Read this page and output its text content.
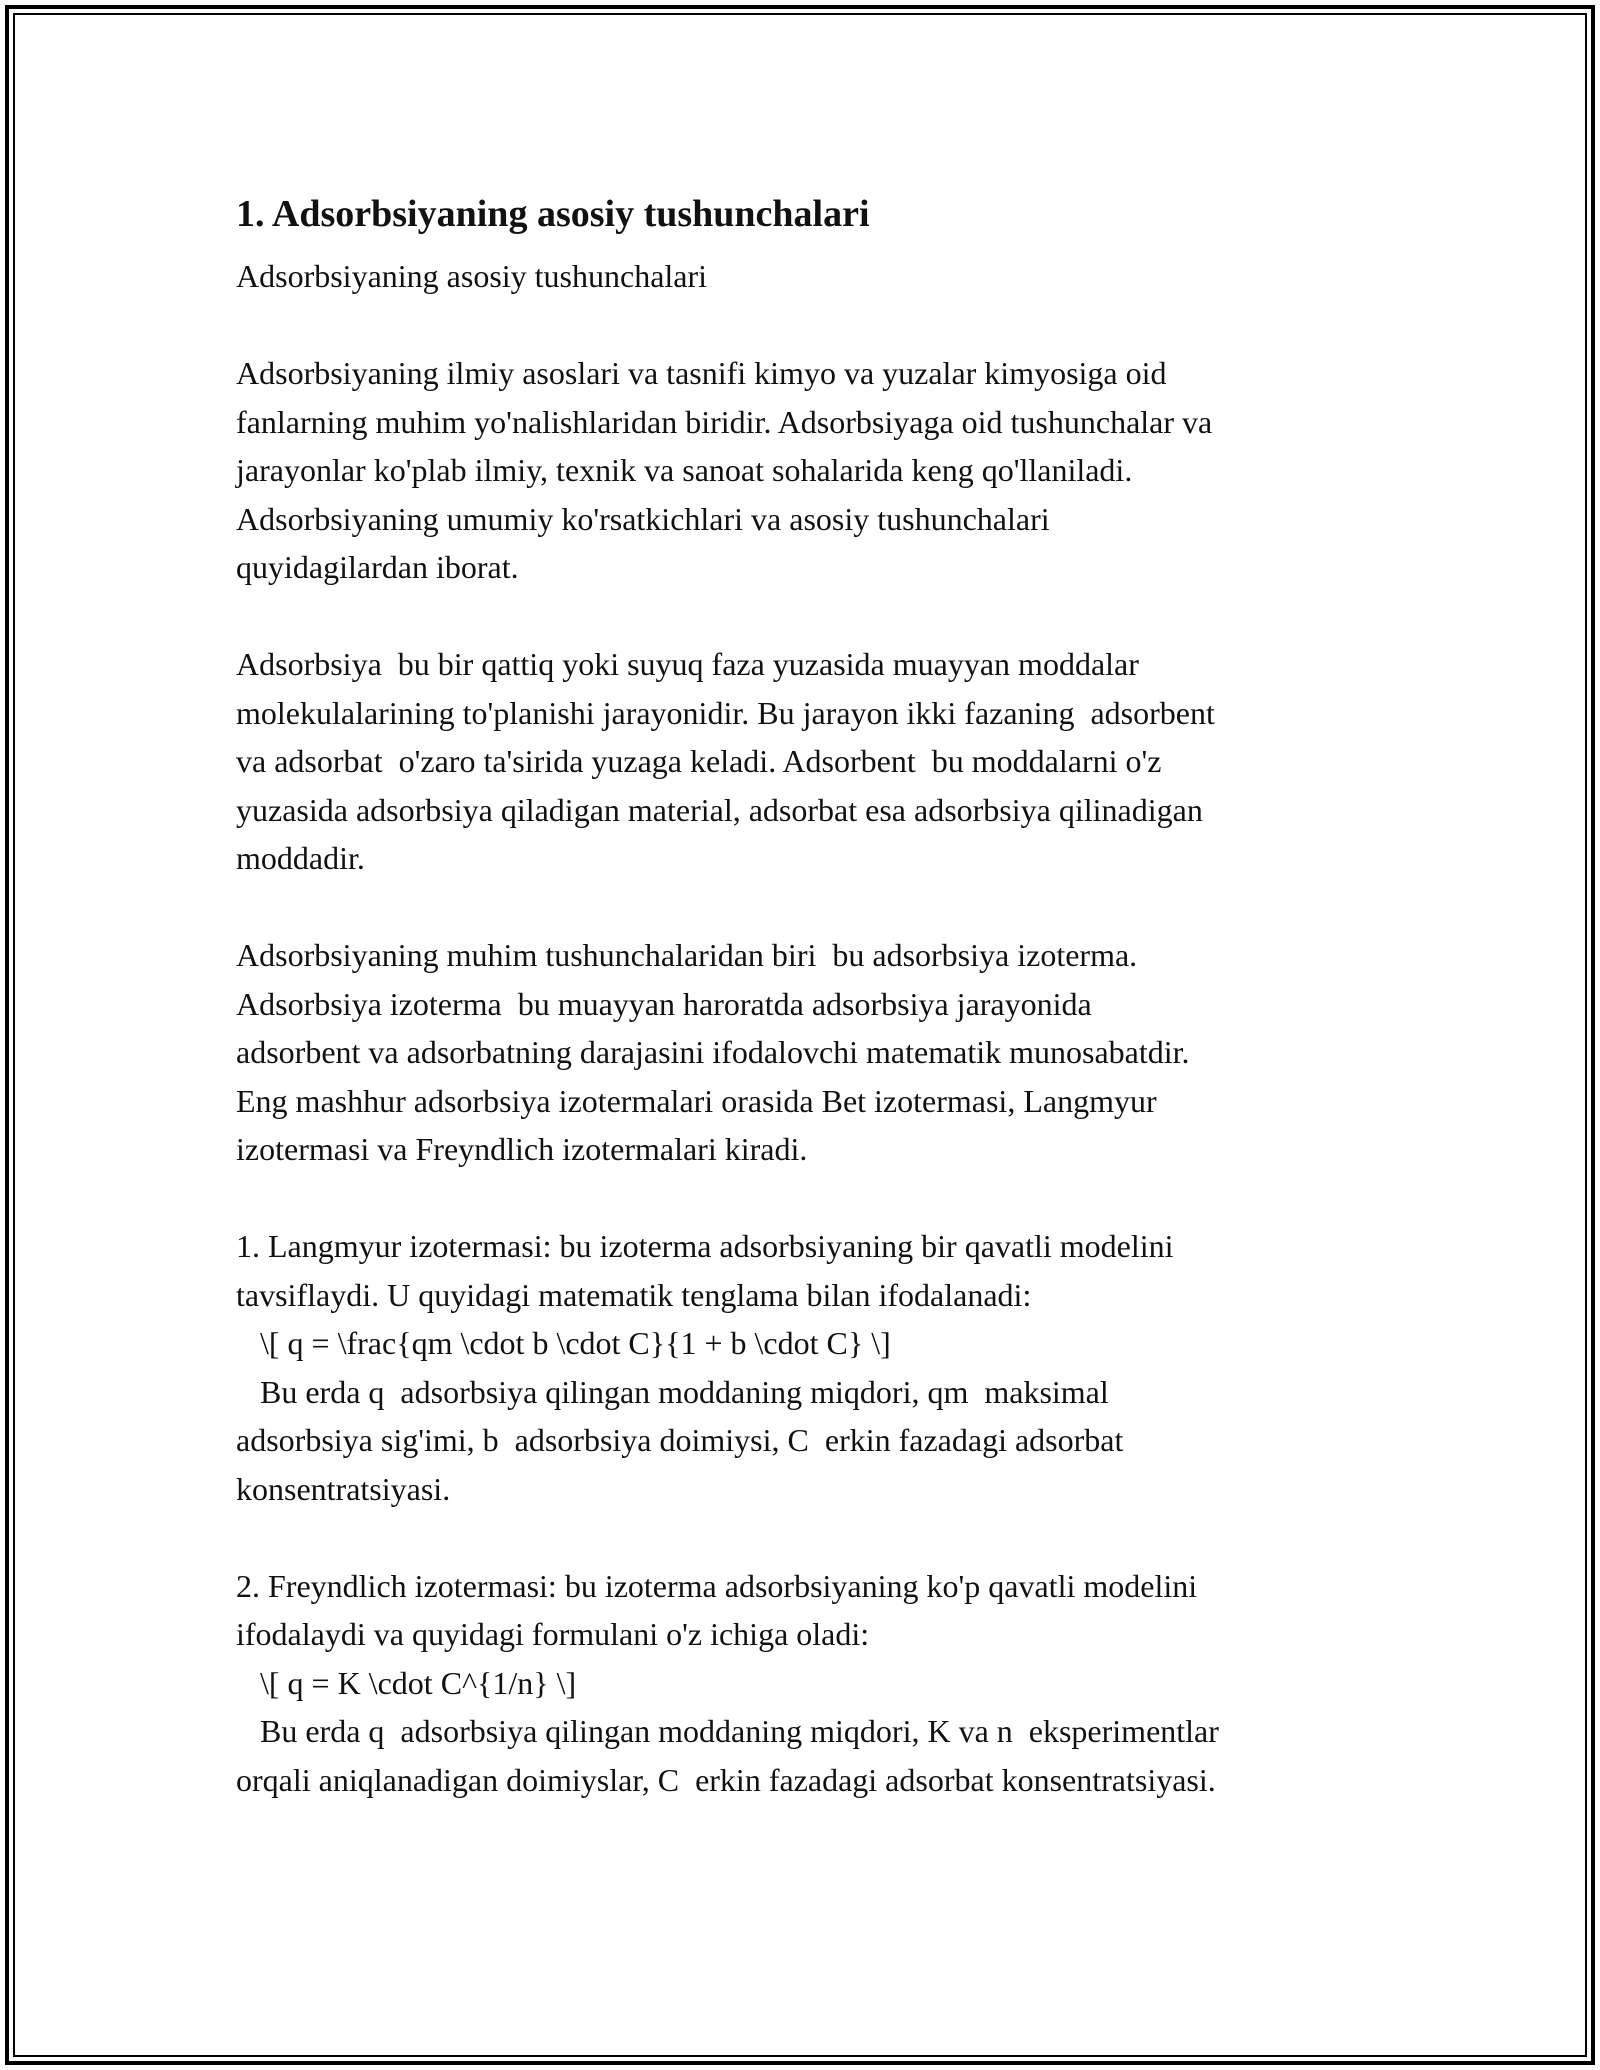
1. Adsorbsiyaning asosiy tushunchalari
Adsorbsiyaning asosiy tushunchalari
Adsorbsiyaning ilmiy asoslari va tasnifi kimyo va yuzalar kimyosiga oid
fanlarning muhim yo'nalishlaridan biridir. Adsorbsiyaga oid tushunchalar va
jarayonlar ko'plab ilmiy, texnik va sanoat sohalarida keng qo'llaniladi.
Adsorbsiyaning umumiy ko'rsatkichlari va asosiy tushunchalari
quyidagilardan iborat.
Adsorbsiya  bu bir qattiq yoki suyuq faza yuzasida muayyan moddalar
molekulalarining to'planishi jarayonidir. Bu jarayon ikki fazaning  adsorbent
va adsorbat  o'zaro ta'sirida yuzaga keladi. Adsorbent  bu moddalarni o'z
yuzasida adsorbsiya qiladigan material, adsorbat esa adsorbsiya qilinadigan
moddadir.
Adsorbsiyaning muhim tushunchalaridan biri  bu adsorbsiya izoterma.
Adsorbsiya izoterma  bu muayyan haroratda adsorbsiya jarayonida
adsorbent va adsorbatning darajasini ifodalovchi matematik munosabatdir.
Eng mashhur adsorbsiya izotermalari orasida Bet izotermasi, Langmyur
izotermasi va Freyndlich izotermalari kiradi.
1. Langmyur izotermasi: bu izoterma adsorbsiyaning bir qavatli modelini
tavsiflaydi. U quyidagi matematik tenglama bilan ifodalanadi:
\[ q = \frac{qm \cdot b \cdot C}{1 + b \cdot C} \]
Bu erda q  adsorbsiya qilingan moddaning miqdori, qm  maksimal
adsorbsiya sig'imi, b  adsorbsiya doimiysi, C  erkin fazadagi adsorbat
konsentratsiyasi.
2. Freyndlich izotermasi: bu izoterma adsorbsiyaning ko'p qavatli modelini
ifodalaydi va quyidagi formulani o'z ichiga oladi:
\[ q = K \cdot C^{1/n} \]
Bu erda q  adsorbsiya qilingan moddaning miqdori, K va n  eksperimentlar
orqali aniqlanadigan doimiyslar, C  erkin fazadagi adsorbat konsentratsiyasi.
